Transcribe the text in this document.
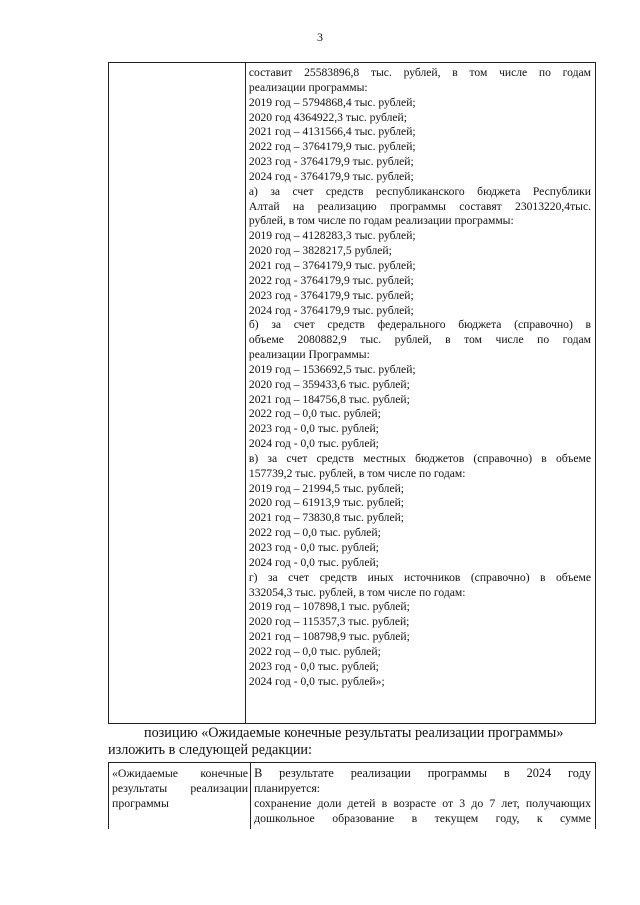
3

составит 25583896,8 тыс. рублей, в том числе по годам
реализации программы:
2019 год – 5794868,4 тыс. рублей;
2020 год 4364922,3 тыс. рублей;
2021 год – 4131566,4 тыс. рублей;
2022 год – 3764179,9 тыс. рублей;
2023 год - 3764179,9 тыс. рублей;
2024 год - 3764179,9 тыс. рублей;
а) за счет средств республиканского бюджета Республики
Алтай на реализацию программы составят 23013220,4тыс.
рублей, в том числе по годам реализации программы:
2019 год – 4128283,3 тыс. рублей;
2020 год – 3828217,5 рублей;
2021 год – 3764179,9 тыс. рублей;
2022 год - 3764179,9 тыс. рублей;
2023 год - 3764179,9 тыс. рублей;
2024 год - 3764179,9 тыс. рублей;
б) за счет средств федерального бюджета (справочно) в
объеме 2080882,9 тыс. рублей, в том числе по годам
реализации Программы:
2019 год – 1536692,5 тыс. рублей;
2020 год – 359433,6 тыс. рублей;
2021 год – 184756,8 тыс. рублей;
2022 год – 0,0 тыс. рублей;
2023 год - 0,0 тыс. рублей;
2024 год - 0,0 тыс. рублей;
в) за счет средств местных бюджетов (справочно) в объеме
157739,2 тыс. рублей, в том числе по годам:
2019 год – 21994,5 тыс. рублей;
2020 год – 61913,9 тыс. рублей;
2021 год – 73830,8 тыс. рублей;
2022 год – 0,0 тыс. рублей;
2023 год - 0,0 тыс. рублей;
2024 год - 0,0 тыс. рублей;
г) за счет средств иных источников (справочно) в объеме
332054,3 тыс. рублей, в том числе по годам:
2019 год – 107898,1 тыс. рублей;
2020 год – 115357,3 тыс. рублей;
2021 год – 108798,9 тыс. рублей;
2022 год – 0,0 тыс. рублей;
2023 год - 0,0 тыс. рублей;
2024 год - 0,0 тыс. рублей»;
позицию «Ожидаемые конечные результаты реализации программы»
изложить в следующей редакции:
«Ожидаемые конечные
результаты реализации
программы

В результате реализации программы в 2024 году
планируется:
сохранение доли детей в возрасте от 3 до 7 лет, получающих
дошкольное образование в текущем году, к сумме
